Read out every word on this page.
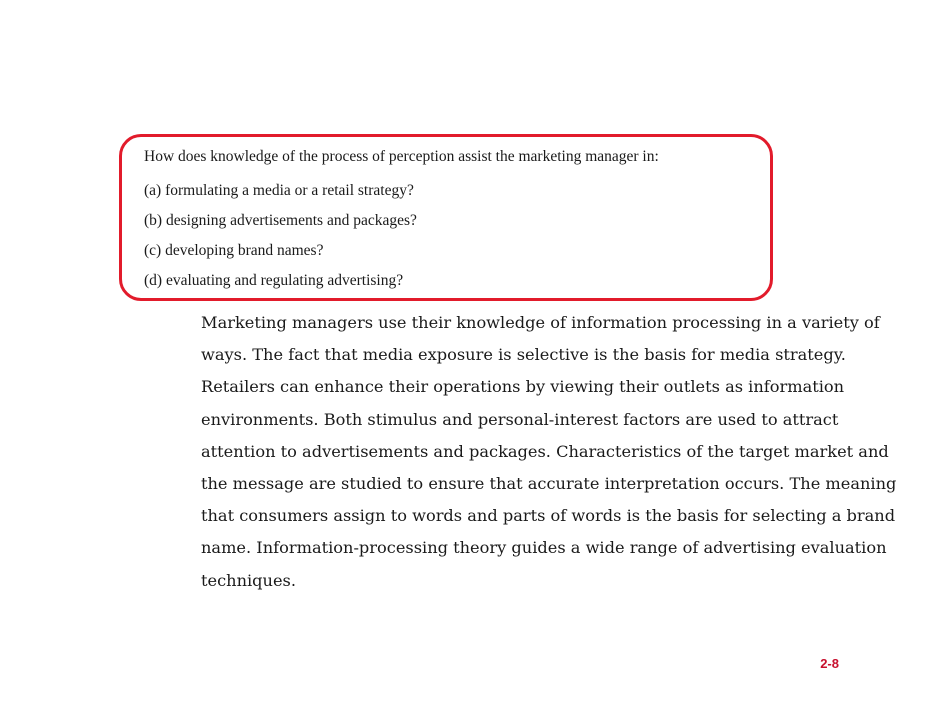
How does knowledge of the process of perception assist the marketing manager in:
(a) formulating a media or a retail strategy?
(b) designing advertisements and packages?
(c) developing brand names?
(d) evaluating and regulating advertising?
Marketing managers use their knowledge of information processing in a variety of
ways. The fact that media exposure is selective is the basis for media strategy.
Retailers can enhance their operations by viewing their outlets as information
environments. Both stimulus and personal-interest factors are used to attract
attention to advertisements and packages. Characteristics of the target market and
the message are studied to ensure that accurate interpretation occurs. The meaning
that consumers assign to words and parts of words is the basis for selecting a brand
name. Information-processing theory guides a wide range of advertising evaluation
techniques.
2-8
